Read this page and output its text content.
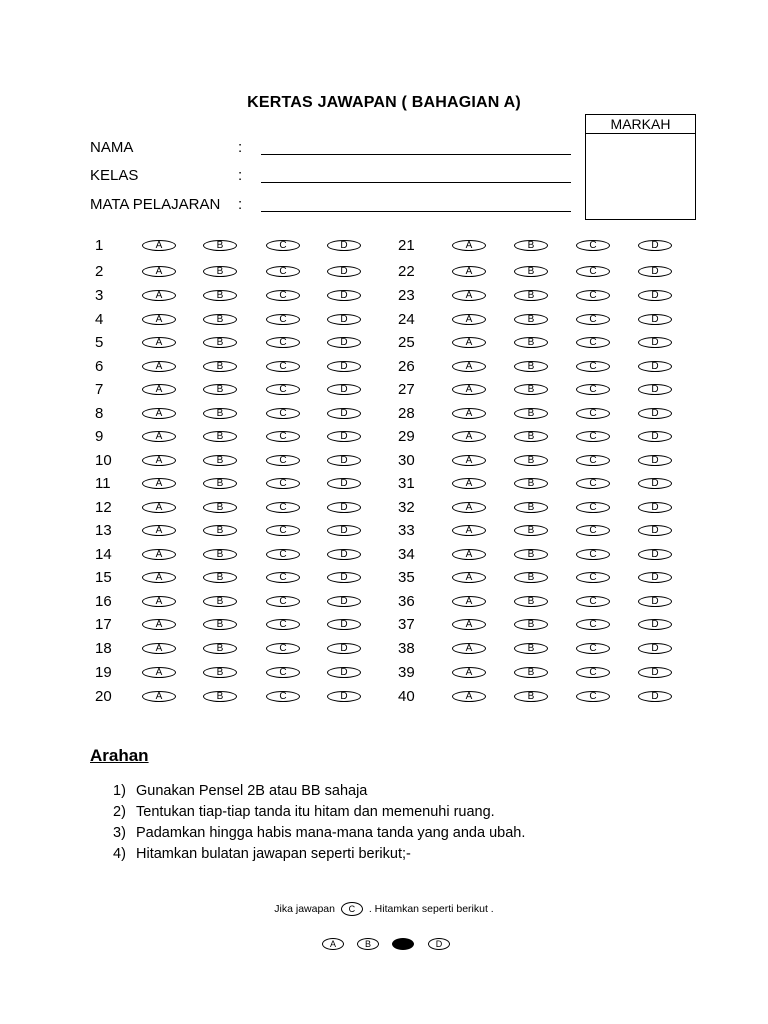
KERTAS JAWAPAN ( BAHAGIAN A)
MARKAH
NAMA	:
KELAS	:
MATA PELAJARAN :
1	A	B	C	D
2	A	B	C	D
3	A	B	C	D
4	A	B	C	D
5	A	B	C	D
6	A	B	C	D
7	A	B	C	D
8	A	B	C	D
9	A	B	C	D
10	A	B	C	D
11	A	B	C	D
12	A	B	C	D
13	A	B	C	D
14	A	B	C	D
15	A	B	C	D
16	A	B	C	D
17	A	B	C	D
18	A	B	C	D
19	A	B	C	D
20	A	B	C	D
21	A	B	C	D
22	A	B	C	D
23	A	B	C	D
24	A	B	C	D
25	A	B	C	D
26	A	B	C	D
27	A	B	C	D
28	A	B	C	D
29	A	B	C	D
30	A	B	C	D
31	A	B	C	D
32	A	B	C	D
33	A	B	C	D
34	A	B	C	D
35	A	B	C	D
36	A	B	C	D
37	A	B	C	D
38	A	B	C	D
39	A	B	C	D
40	A	B	C	D
Arahan
1) Gunakan Pensel 2B atau BB sahaja
2) Tentukan tiap-tiap tanda itu hitam dan memenuhi ruang.
3) Padamkan hingga habis mana-mana tanda yang anda ubah.
4) Hitamkan bulatan jawapan seperti berikut;-
Jika jawapan C . Hitamkan seperti berikut .
A	B	D
